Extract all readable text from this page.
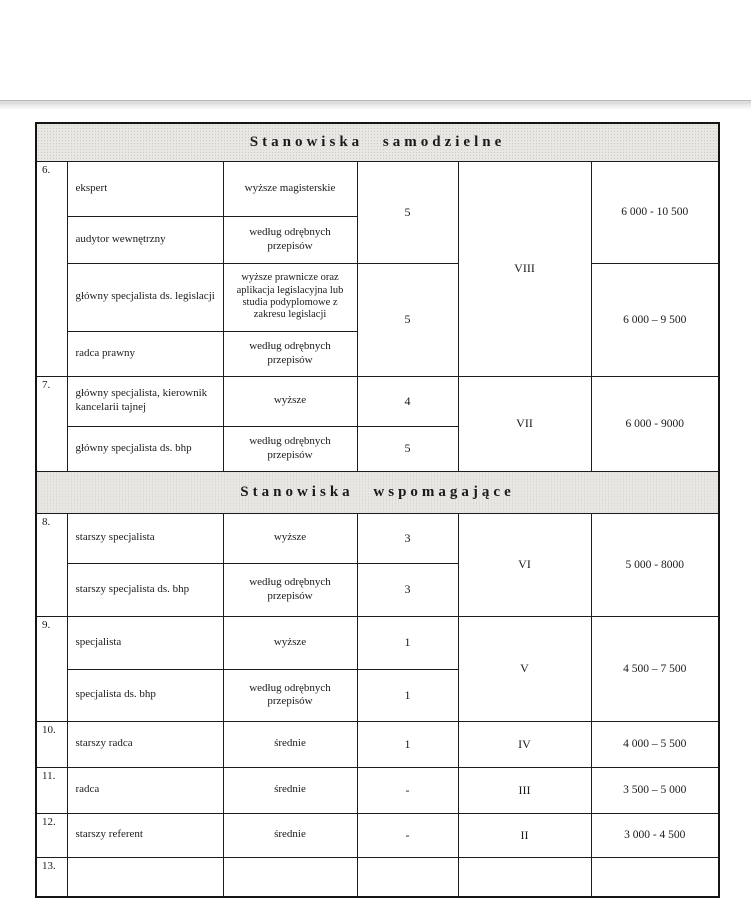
Stanowiska samodzielne					
6.	ekspert	wyższe magisterskie	5	VIII	6 000 - 10 500
	audytor wewnętrzny	według odrębnych przepisów			
	główny specjalista ds. legislacji	wyższe prawnicze oraz aplikacja legislacyjna lub studia podyplomowe z zakresu legislacji	5		6 000 – 9 500
	radca prawny	według odrębnych przepisów			
7.	główny specjalista, kierownik kancelarii tajnej	wyższe	4	VII	6 000 - 9000
	główny specjalista ds. bhp	według odrębnych przepisów	5		
Stanowiska wspomagające					
8.	starszy specjalista	wyższe	3	VI	5 000 - 8000
	starszy specjalista ds. bhp	według odrębnych przepisów	3		
9.	specjalista	wyższe	1	V	4 500 – 7 500
	specjalista ds. bhp	według odrębnych przepisów	1		
10.	starszy radca	średnie	1	IV	4 000 – 5 500
11.	radca	średnie	-	III	3 500 – 5 000
12.	starszy referent	średnie	-	II	3 000 - 4 500
13.					
